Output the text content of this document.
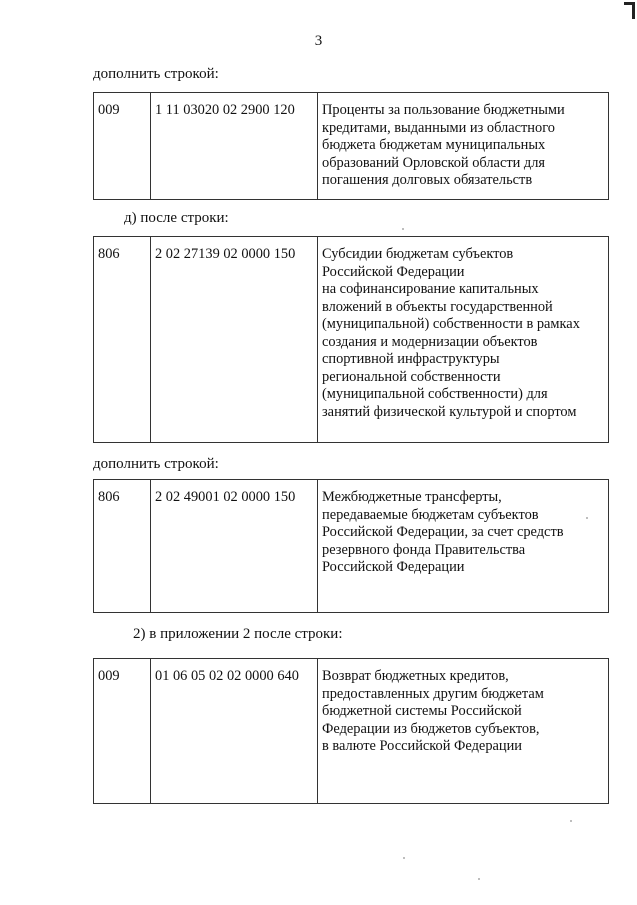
3
дополнить строкой:
009	1 11 03020 02 2900 120	Проценты за пользование бюджетными
кредитами, выданными из областного
бюджета бюджетам муниципальных
образований Орловской области для
погашения долговых обязательств
д) после строки:
806	2 02 27139 02 0000 150	Субсидии бюджетам субъектов
Российской Федерации
на софинансирование капитальных
вложений в объекты государственной
(муниципальной) собственности в рамках
создания и модернизации объектов
спортивной инфраструктуры
региональной собственности
(муниципальной собственности) для
занятий физической культурой и спортом
дополнить строкой:
806	2 02 49001 02 0000 150	Межбюджетные трансферты,
передаваемые бюджетам субъектов
Российской Федерации, за счет средств
резервного фонда Правительства
Российской Федерации
2) в приложении 2 после строки:
009	01 06 05 02 02 0000 640	Возврат бюджетных кредитов,
предоставленных другим бюджетам
бюджетной системы Российской
Федерации из бюджетов субъектов,
в валюте Российской Федерации
